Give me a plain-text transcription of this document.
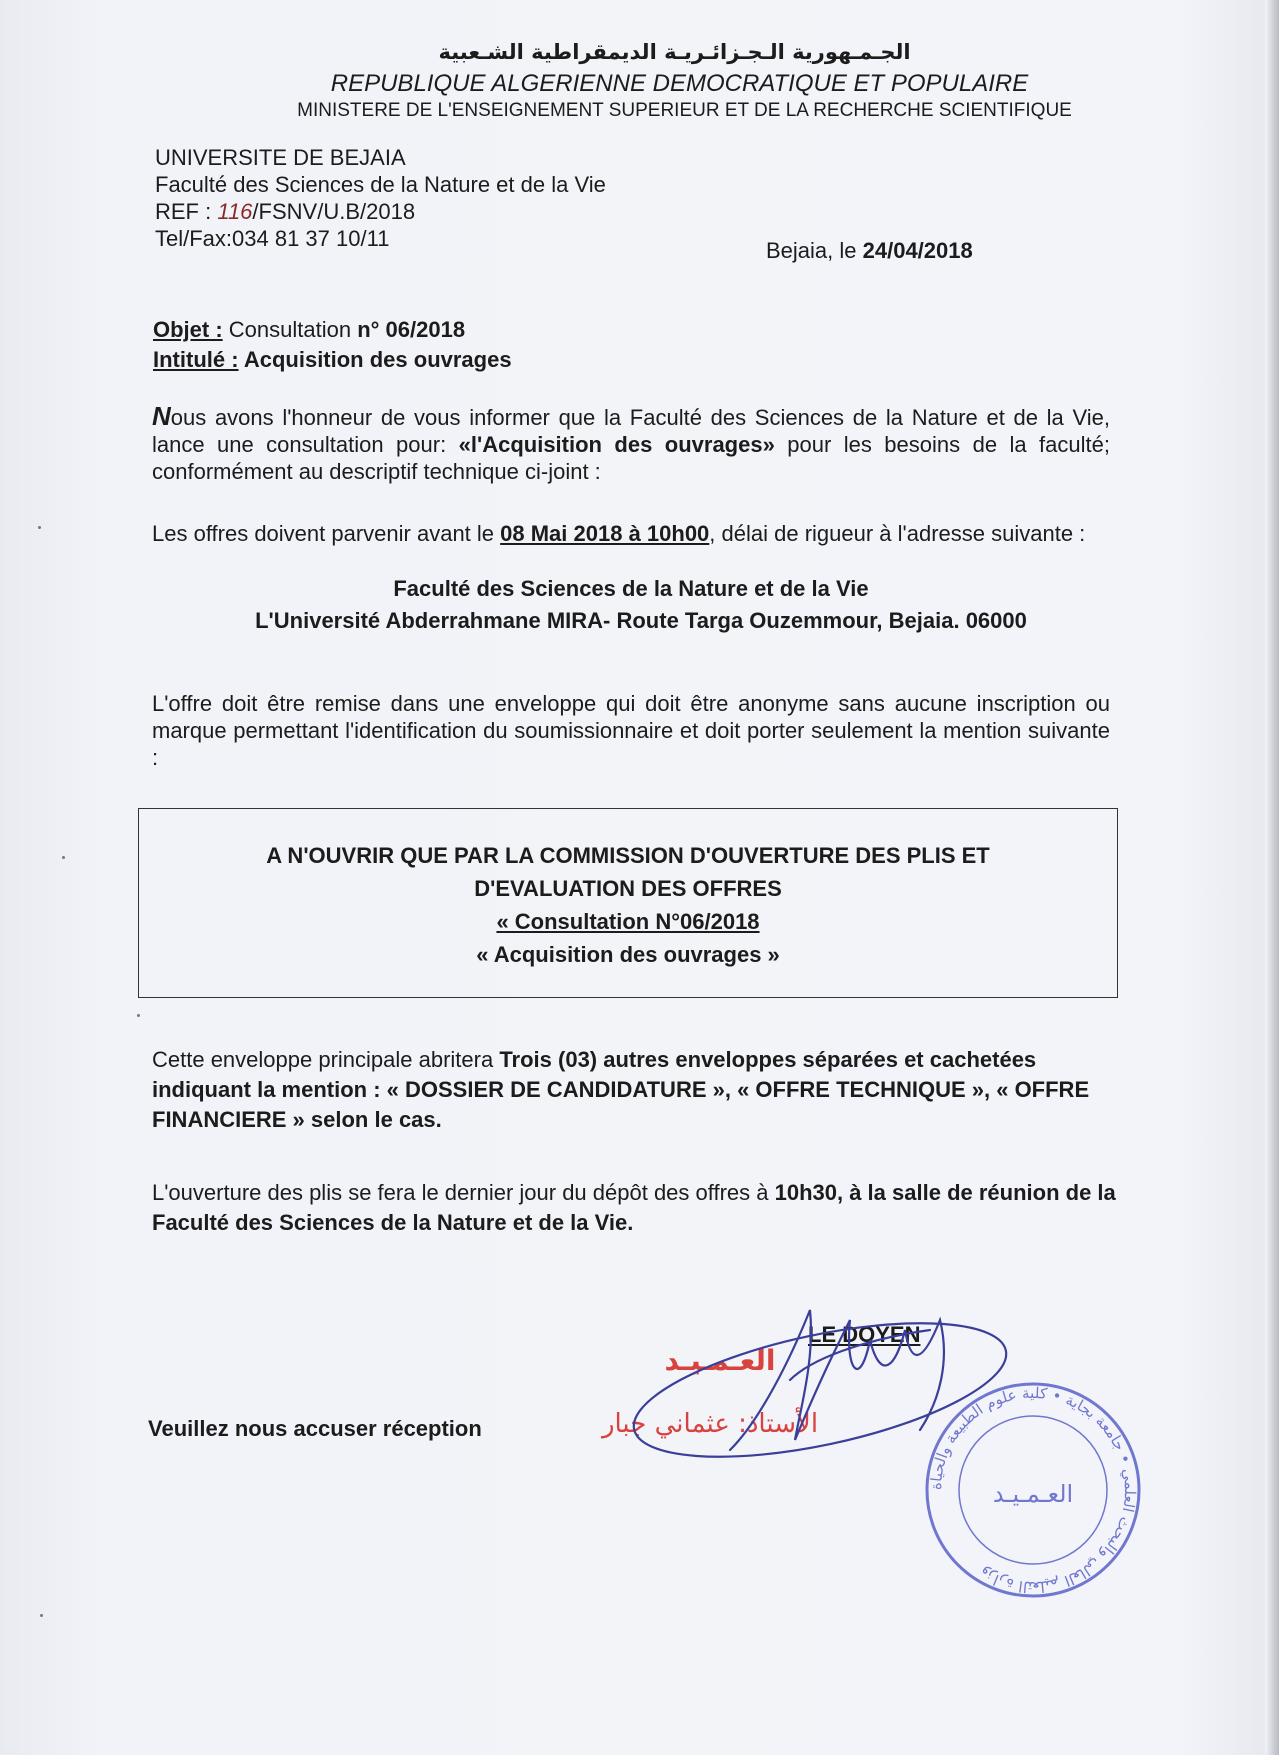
الجـمـهورية الـجـزائـريـة الديمقراطية الشـعبية
REPUBLIQUE ALGERIENNE DEMOCRATIQUE ET POPULAIRE
MINISTERE DE L'ENSEIGNEMENT SUPERIEUR ET DE LA RECHERCHE SCIENTIFIQUE
UNIVERSITE DE BEJAIA
Faculté des Sciences de la Nature et de la Vie
REF : 116/FSNV/U.B/2018
Tel/Fax:034 81 37 10/11	Bejaia, le 24/04/2018
Objet : Consultation n° 06/2018
Intitulé : Acquisition des ouvrages
Nous avons l'honneur de vous informer que la Faculté des Sciences de la Nature et de la Vie, lance une consultation pour: «l'Acquisition des ouvrages» pour les besoins de la faculté; conformément au descriptif technique ci-joint :
Les offres doivent parvenir avant le 08 Mai 2018 à 10h00, délai de rigueur à l'adresse suivante :
Faculté des Sciences de la Nature et de la Vie
L'Université Abderrahmane MIRA- Route Targa Ouzemmour, Bejaia. 06000
L'offre doit être remise dans une enveloppe qui doit être anonyme sans aucune inscription ou marque permettant l'identification du soumissionnaire et doit porter seulement la mention suivante :
A N'OUVRIR QUE PAR LA COMMISSION D'OUVERTURE DES PLIS ET
D'EVALUATION DES OFFRES
« Consultation N°06/2018
« Acquisition des ouvrages »
Cette enveloppe principale abritera Trois (03) autres enveloppes séparées et cachetées indiquant la mention : « DOSSIER DE CANDIDATURE », « OFFRE TECHNIQUE », « OFFRE FINANCIERE » selon le cas.
L'ouverture des plis se fera le dernier jour du dépôt des offres à 10h30, à la salle de réunion de la Faculté des Sciences de la Nature et de la Vie.
LE DOYEN
Veuillez nous accuser réception
وزارة التعليم العالي والبحث العلمي • جامعة بجاية • كلية علوم الطبيعة والحياة
العـمـيـد
العـمـيـد
الأستاذ: عثماني جبار
